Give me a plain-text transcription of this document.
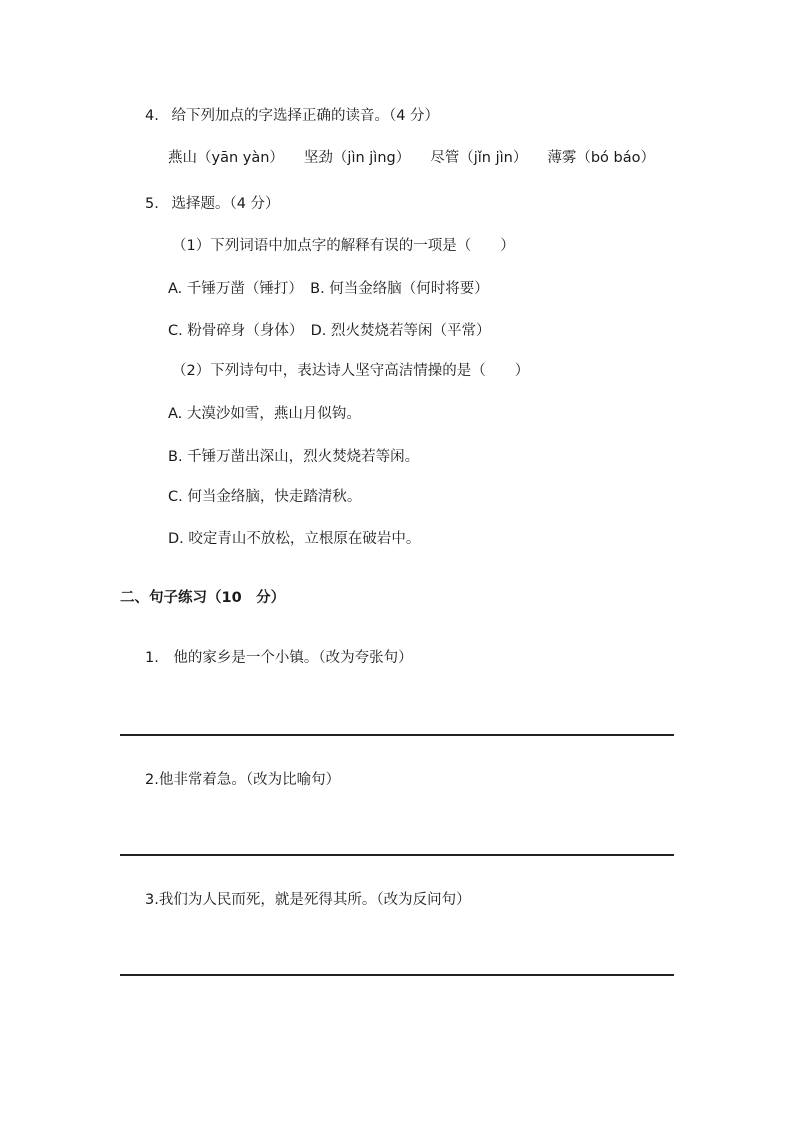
4. 给下列加点的字选择正确的读音。（4 分）
燕山（yān yàn） 坚劲（jìn jìng） 尽管（jǐn jìn） 薄雾（bó báo）
5. 选择题。（4 分）
（1）下列词语中加点字的解释有误的一项是（　　）
A. 千锤万凿（锤打）　B. 何当金络脑（何时将要）
C. 粉骨碎身（身体）　D. 烈火焚烧若等闲（平常）
（2）下列诗句中，表达诗人坚守高洁情操的是（　　）
A. 大漠沙如雪，燕山月似钩。
B. 千锤万凿出深山，烈火焚烧若等闲。
C. 何当金络脑，快走踏清秋。
D. 咬定青山不放松，立根原在破岩中。
二、句子练习（10　分）
1.　他的家乡是一个小镇。（改为夸张句）
2.他非常着急。（改为比喻句）
3.我们为人民而死，就是死得其所。（改为反问句）
